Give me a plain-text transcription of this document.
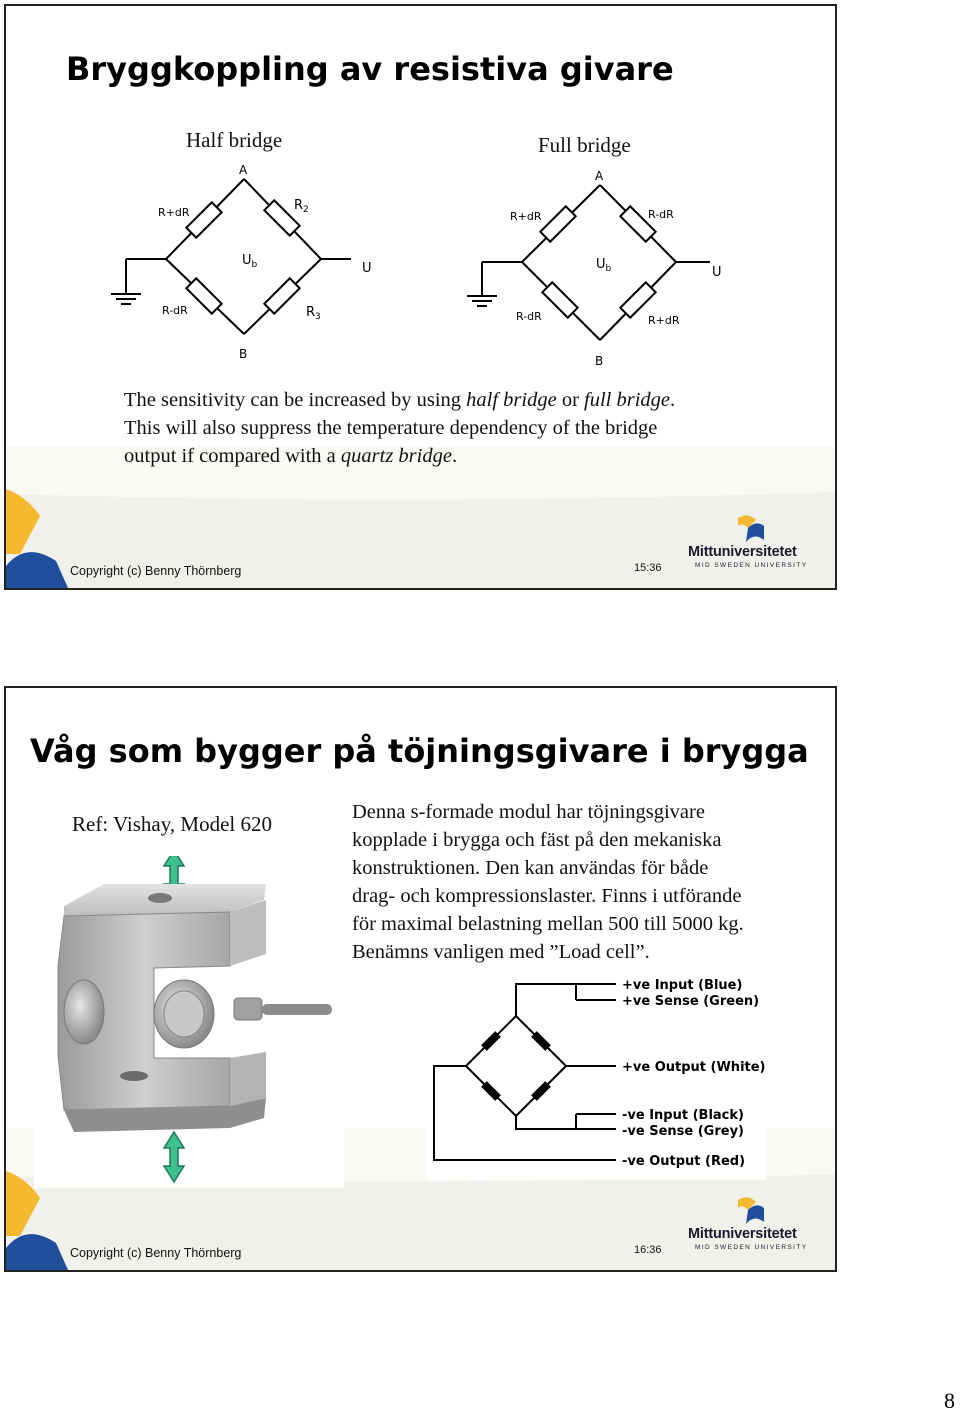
Bryggkoppling av resistiva givare
Half bridge	Full bridge
A
B
R+dR	$R_2$
R-dR	$R_3$
$U_b$	U
A
B
R+dR	R-dR
R-dR	R+dR
$U_b$	U
The sensitivity can be increased by using half bridge or full bridge. This will also suppress the temperature dependency of the bridge output if compared with a quartz bridge.
Copyright (c) Benny Thörnberg	15:36
Mittuniversitetet
MID SWEDEN UNIVERSITY
Våg som bygger på töjningsgivare i brygga
Ref: Vishay, Model 620	Denna s-formade modul har töjningsgivare
kopplade i brygga och fäst på den mekaniska
konstruktionen. Den kan användas för både
drag- och kompressionslaster. Finns i utförande
för maximal belastning mellan 500 till 5000 kg.
Benämns vanligen med ”Load cell”.
+ve Input (Blue)
+ve Sense (Green)
+ve Output (White)
-ve Input (Black)
-ve Sense (Grey)
-ve Output (Red)
Copyright (c) Benny Thörnberg	16:36
Mittuniversitetet
MID SWEDEN UNIVERSITY
8
